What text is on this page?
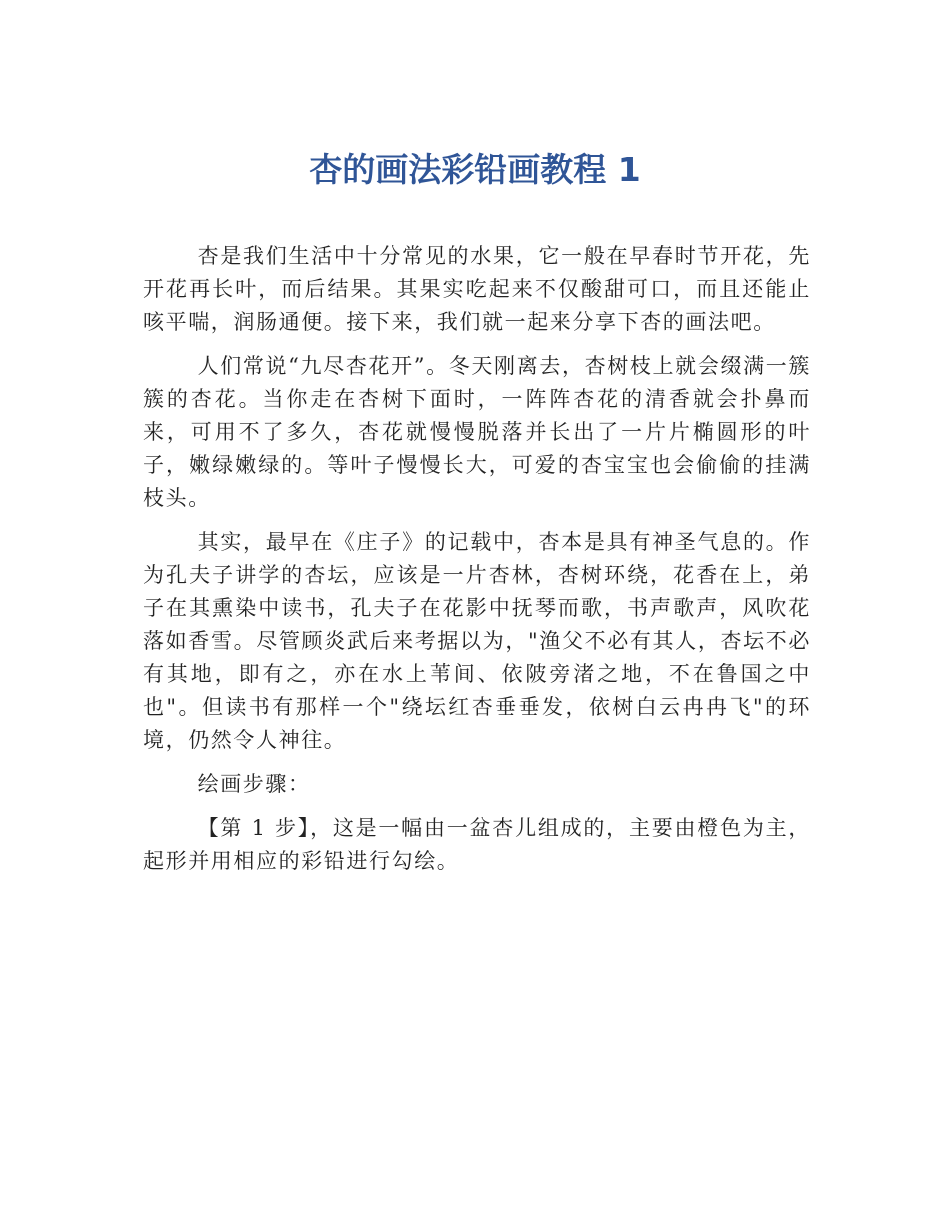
杏的画法彩铅画教程 1

杏是我们生活中十分常见的水果，它一般在早春时节开花，先开花再长叶，而后结果。其果实吃起来不仅酸甜可口，而且还能止咳平喘，润肠通便。接下来，我们就一起来分享下杏的画法吧。

人们常说“九尽杏花开”。冬天刚离去，杏树枝上就会缀满一簇簇的杏花。当你走在杏树下面时，一阵阵杏花的清香就会扑鼻而来，可用不了多久，杏花就慢慢脱落并长出了一片片椭圆形的叶子，嫩绿嫩绿的。等叶子慢慢长大，可爱的杏宝宝也会偷偷的挂满枝头。

其实，最早在《庄子》的记载中，杏本是具有神圣气息的。作为孔夫子讲学的杏坛，应该是一片杏林，杏树环绕，花香在上，弟子在其熏染中读书，孔夫子在花影中抚琴而歌，书声歌声，风吹花落如香雪。尽管顾炎武后来考据以为，"渔父不必有其人，杏坛不必有其地，即有之，亦在水上苇间、依陂旁渚之地，不在鲁国之中也"。但读书有那样一个"绕坛红杏垂垂发，依树白云冉冉飞"的环境，仍然令人神往。

绘画步骤：

【第 1 步】，这是一幅由一盆杏儿组成的，主要由橙色为主，起形并用相应的彩铅进行勾绘。
